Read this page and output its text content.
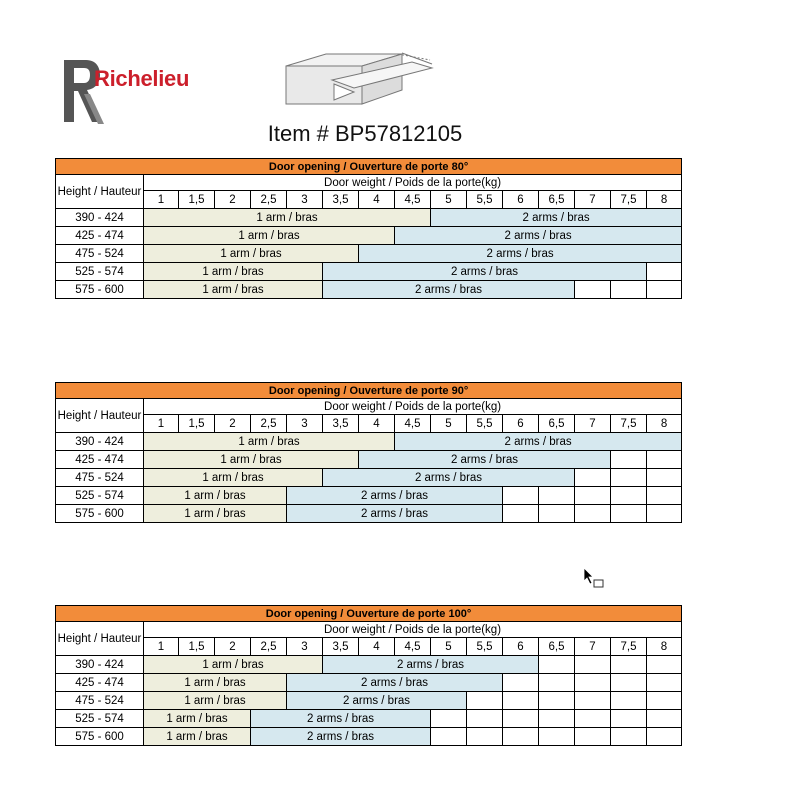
Richelieu
Item # BP57812105
Door opening / Ouverture de porte 80°															
Height / Hauteur	Door weight / Poids de la porte(kg)														
	1	1,5	2	2,5	3	3,5	4	4,5	5	5,5	6	6,5	7	7,5	8
390 - 424	1 arm / bras								2 arms / bras						
425 - 474	1 arm / bras							2 arms / bras							
475 - 524	1 arm / bras						2 arms / bras								
525 - 574	1 arm / bras					2 arms / bras									
575 - 600	1 arm / bras					2 arms / bras									
Door opening / Ouverture de porte 90°															
Height / Hauteur	Door weight / Poids de la porte(kg)														
	1	1,5	2	2,5	3	3,5	4	4,5	5	5,5	6	6,5	7	7,5	8
390 - 424	1 arm / bras							2 arms / bras							
425 - 474	1 arm / bras						2 arms / bras								
475 - 524	1 arm / bras					2 arms / bras									
525 - 574	1 arm / bras				2 arms / bras										
575 - 600	1 arm / bras				2 arms / bras										
Door opening / Ouverture de porte 100°															
Height / Hauteur	Door weight / Poids de la porte(kg)														
	1	1,5	2	2,5	3	3,5	4	4,5	5	5,5	6	6,5	7	7,5	8
390 - 424	1 arm / bras					2 arms / bras									
425 - 474	1 arm / bras				2 arms / bras										
475 - 524	1 arm / bras				2 arms / bras										
525 - 574	1 arm / bras			2 arms / bras											
575 - 600	1 arm / bras			2 arms / bras											
